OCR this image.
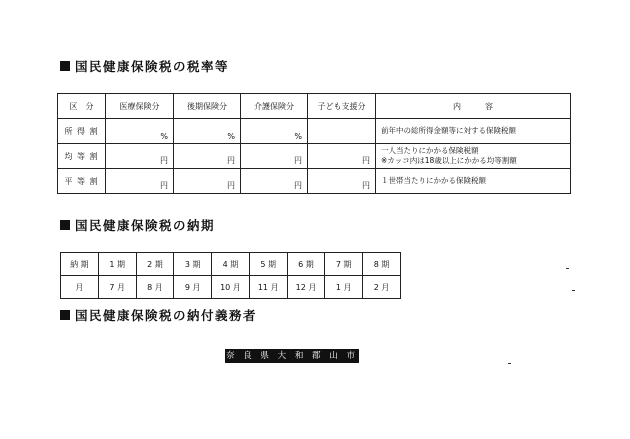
国民健康保険税の税率等
区　分	医療保険分	後期保険分	介護保険分	子ども支援分	内　　　容
所 得 割	%	%	%		前年中の総所得金額等に対する保険税額

均 等 割	円	円	円	円	一人当たりにかかる保険税額
※カッコ内は18歳以上にかかる均等割額

平 等 割	円	円	円	円	１世帯当たりにかかる保険税額
国民健康保険税の納期
納 期	1 期	2 期	3 期	4 期	5 期	6 期	7 期	8 期
月	7 月	8 月	9 月	10 月	11 月	12 月	1 月	2 月
国民健康保険税の納付義務者
奈 良 県 大 和 郡 山 市
